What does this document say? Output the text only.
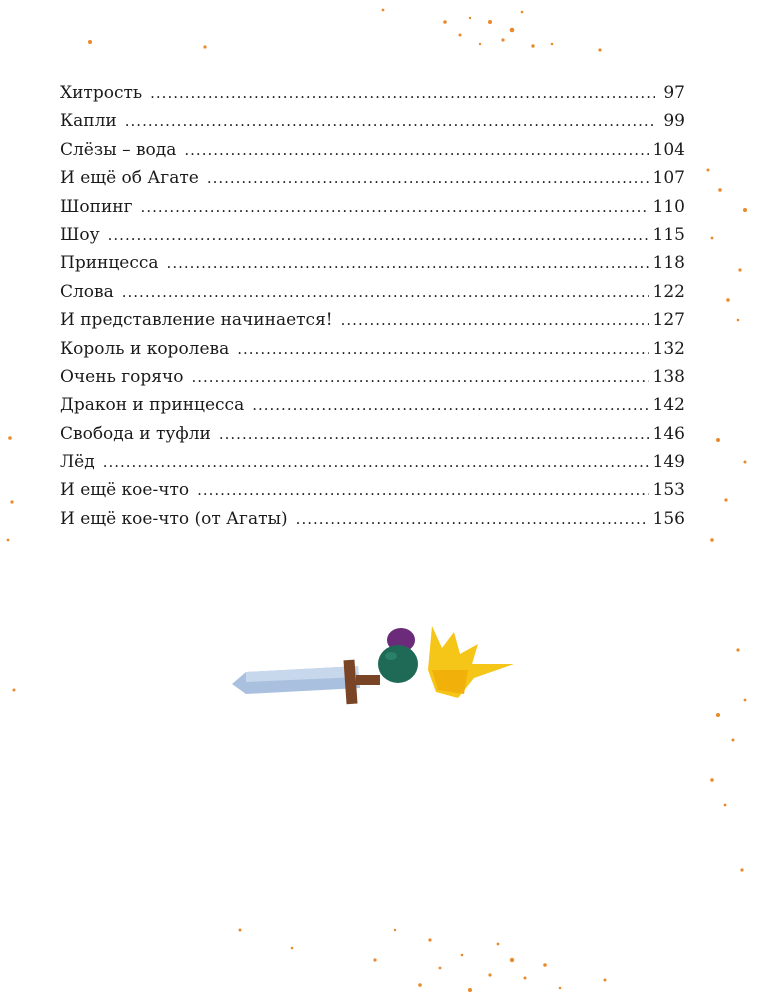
Хитрость .....	97
Капли .....	99
Слёзы – вода .....	104
И ещё об Агате .....	107
Шопинг .....	110
Шоу .....	115
Принцесса .....	118
Слова .....	122
И представление начинается! .....	127
Король и королева .....	132
Очень горячо .....	138
Дракон и принцесса .....	142
Свобода и туфли .....	146
Лёд .....	149
И ещё кое-что .....	153
И ещё кое-что (от Агаты) .....	156
